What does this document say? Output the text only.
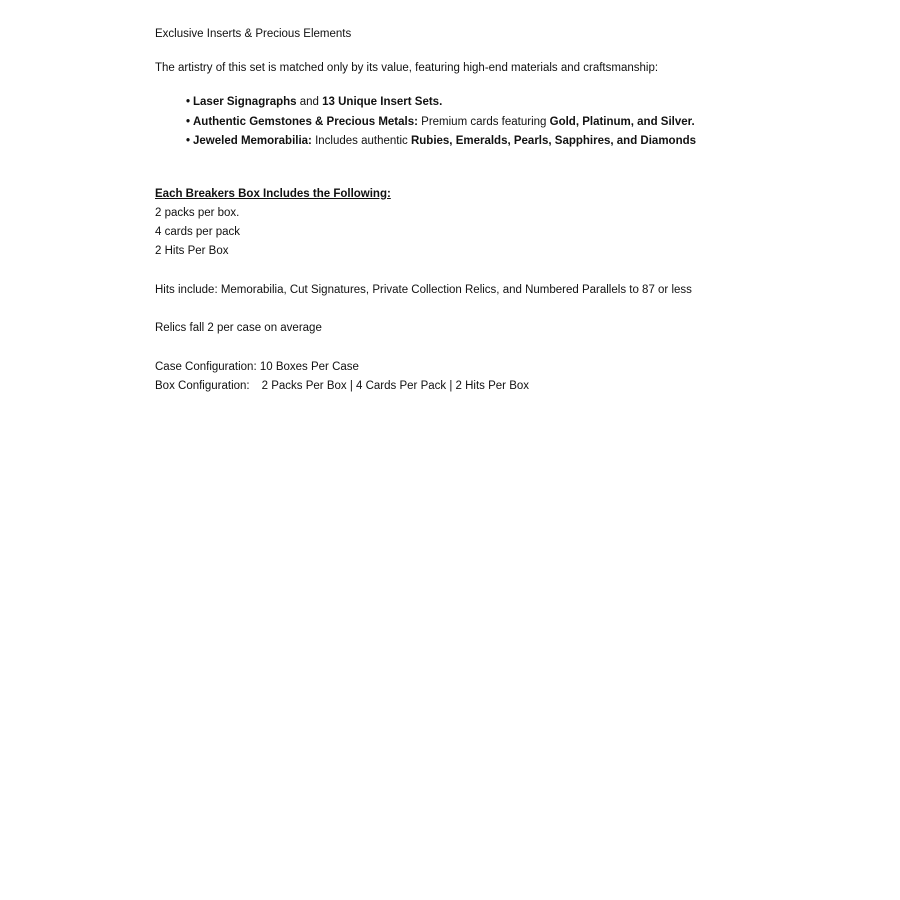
Exclusive Inserts & Precious Elements
The artistry of this set is matched only by its value, featuring high-end materials and craftsmanship:
• Laser Signagraphs and 13 Unique Insert Sets.
• Authentic Gemstones & Precious Metals: Premium cards featuring Gold, Platinum, and Silver.
• Jeweled Memorabilia: Includes authentic Rubies, Emeralds, Pearls, Sapphires, and Diamonds
Each Breakers Box Includes the Following:
2 packs per box.
4 cards per pack
2 Hits Per Box
Hits include: Memorabilia, Cut Signatures, Private Collection Relics, and Numbered Parallels to 87 or less
Relics fall 2 per case on average
Case Configuration: 10 Boxes Per Case
Box Configuration: 2 Packs Per Box | 4 Cards Per Pack | 2 Hits Per Box
